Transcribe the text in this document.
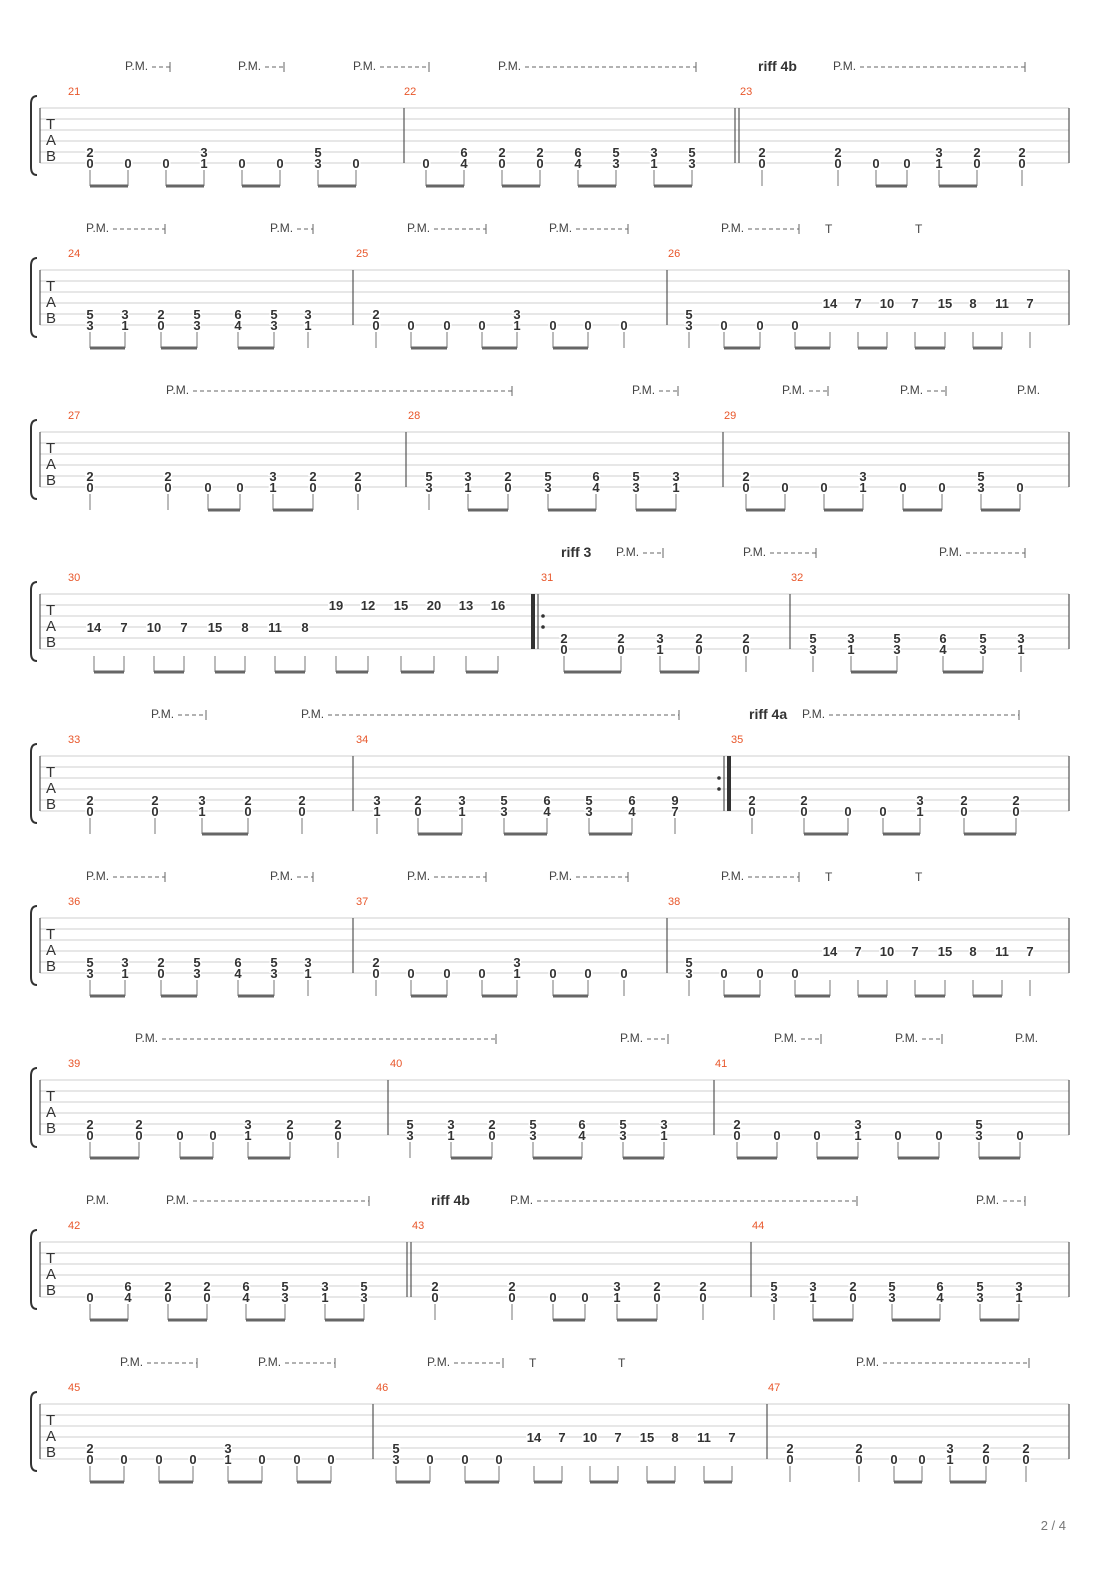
T
A
B
21	22	23
P.M.	P.M.	P.M.	P.M.	P.M.
riff 4b
2
0 0 0
3
1 0 0
5
3 0	0
6
4
2
0
2
0
6
4
5
3
3
1
5
3
2
0
2
0 0 0
3
1
2
0
2
0
T
A
B
24	25	26
P.M.	P.M.	P.M.	P.M.	P.M.	T	T
5
3
3
1
2
0
5
3
6
4
5
3
3
1
2
0 0 0 0
3
1 0 0 0
5
3 0 0 0
14 7 10 7 15 8 11 7
T
A
B
27	28	29
P.M.	P.M.	P.M.	P.M.	P.M.
2
0
2
0	0 0
3
1
2
0
2
0
5
3
3
1
2
0
5
3
6
4
5
3
3
1
2
0 0 0
3
1	0 0
5
3 0
T
A
B
30	31	32
P.M.	P.M.	P.M.
riff 3
14 7 10 7 15 8 11 8
19 12 15 20 13 16
2
0
2
0
3
1
2
0
2
0
5
3
3
1
5
3
6
4
5
3
3
1
T
A
B
33	34	35
P.M.	P.M.	P.M.
riff 4a
2
0
2
0
3
1
2
0
2
0
3
1
2
0
3
1
5
3
6
4
5
3
6
4
9
7
2
0
2
0	0 0
3
1
2
0
2
0
T
A
B
36	37	38
P.M.	P.M.	P.M.	P.M.	P.M.	T	T
5
3
3
1
2
0
5
3
6
4
5
3
3
1
2
0 0 0 0
3
1 0 0 0
5
3 0 0 0
14 7 10 7 15 8 11 7
T
A
B
39	40	41
P.M.	P.M.	P.M.	P.M.	P.M.
2
0
2
0	0 0
3
1
2
0
2
0
5
3
3
1
2
0
5
3
6
4
5
3
3
1
2
0	0	0
3
1	0	0
5
3	0
T
A
B
42	43	44
P.M.	P.M.	P.M.	P.M.
riff 4b
0
6
4
2
0
2
0
6
4
5
3
3
1
5
3
2
0
2
0	0 0
3
1
2
0
2
0
5
3
3
1
2
0
5
3
6
4
5
3
3
1
T
A
B
45	46	47
P.M.	P.M.	P.M.	P.M.
T	T
2
0 0 0 0
3
1 0 0 0
5
3 0 0 0
14 7 10 7 15 8 11 7
2
0
2
0 0 0
3
1
2
0
2
0
2 / 4
